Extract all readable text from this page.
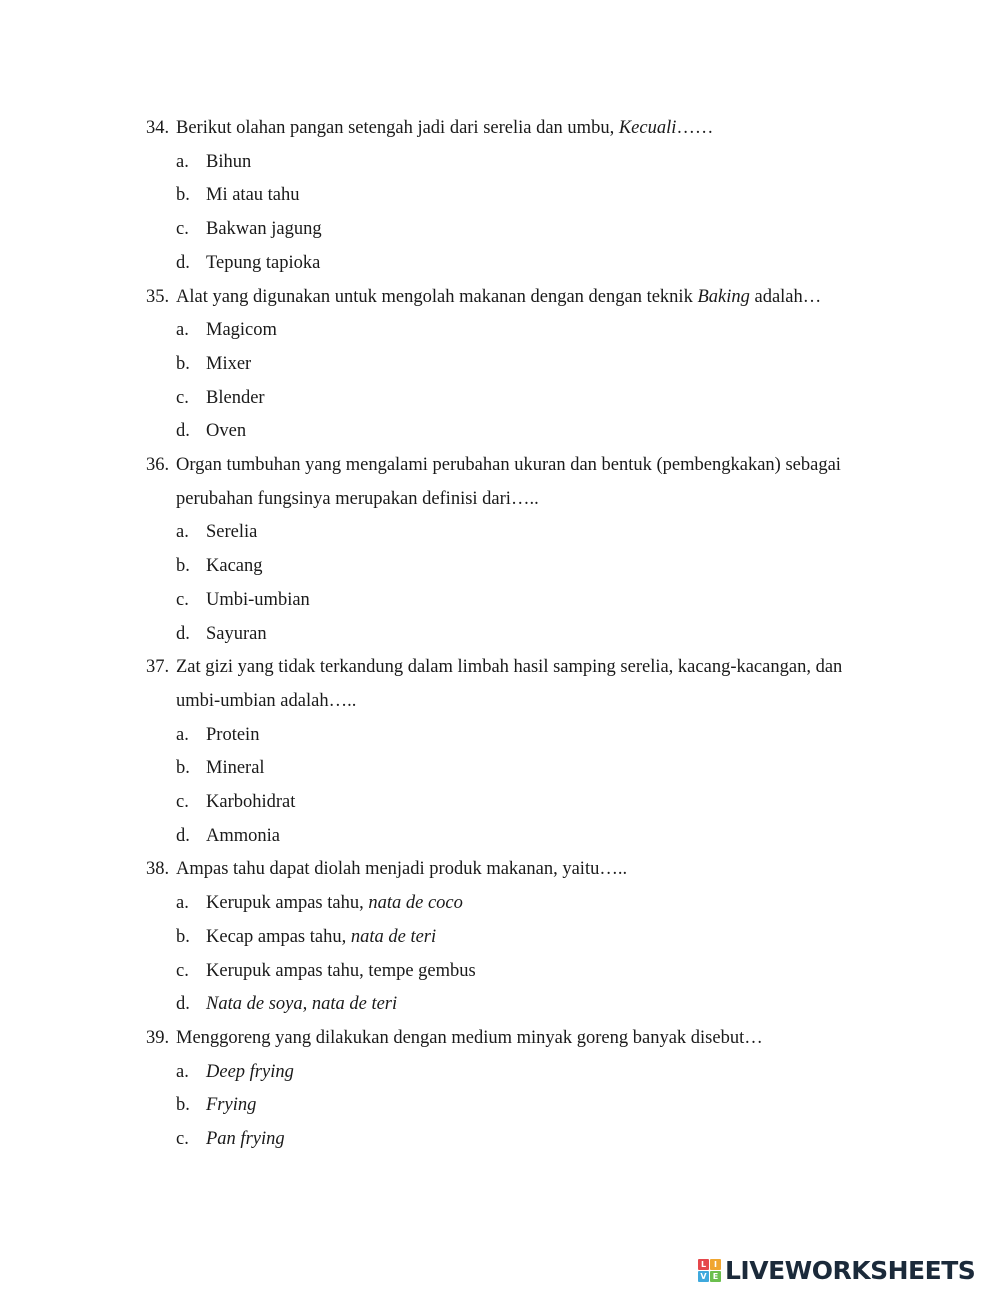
34. Berikut olahan pangan setengah jadi dari serelia dan umbu, Kecuali……
a. Bihun
b. Mi atau tahu
c. Bakwan jagung
d. Tepung tapioka
35. Alat yang digunakan untuk mengolah makanan dengan dengan teknik Baking adalah…
a. Magicom
b. Mixer
c. Blender
d. Oven
36. Organ tumbuhan yang mengalami perubahan ukuran dan bentuk (pembengkakan) sebagai
perubahan fungsinya merupakan definisi dari…..
a. Serelia
b. Kacang
c. Umbi-umbian
d. Sayuran
37. Zat gizi yang tidak terkandung dalam limbah hasil samping serelia, kacang-kacangan, dan
umbi-umbian adalah…..
a. Protein
b. Mineral
c. Karbohidrat
d. Ammonia
38. Ampas tahu dapat diolah menjadi produk makanan, yaitu…..
a. Kerupuk ampas tahu, nata de coco
b. Kecap ampas tahu, nata de teri
c. Kerupuk ampas tahu, tempe gembus
d. Nata de soya, nata de teri
39. Menggoreng yang dilakukan dengan medium minyak goreng banyak disebut…
a. Deep frying
b. Frying
c. Pan frying
L I
V E LIVEWORKSHEETS
